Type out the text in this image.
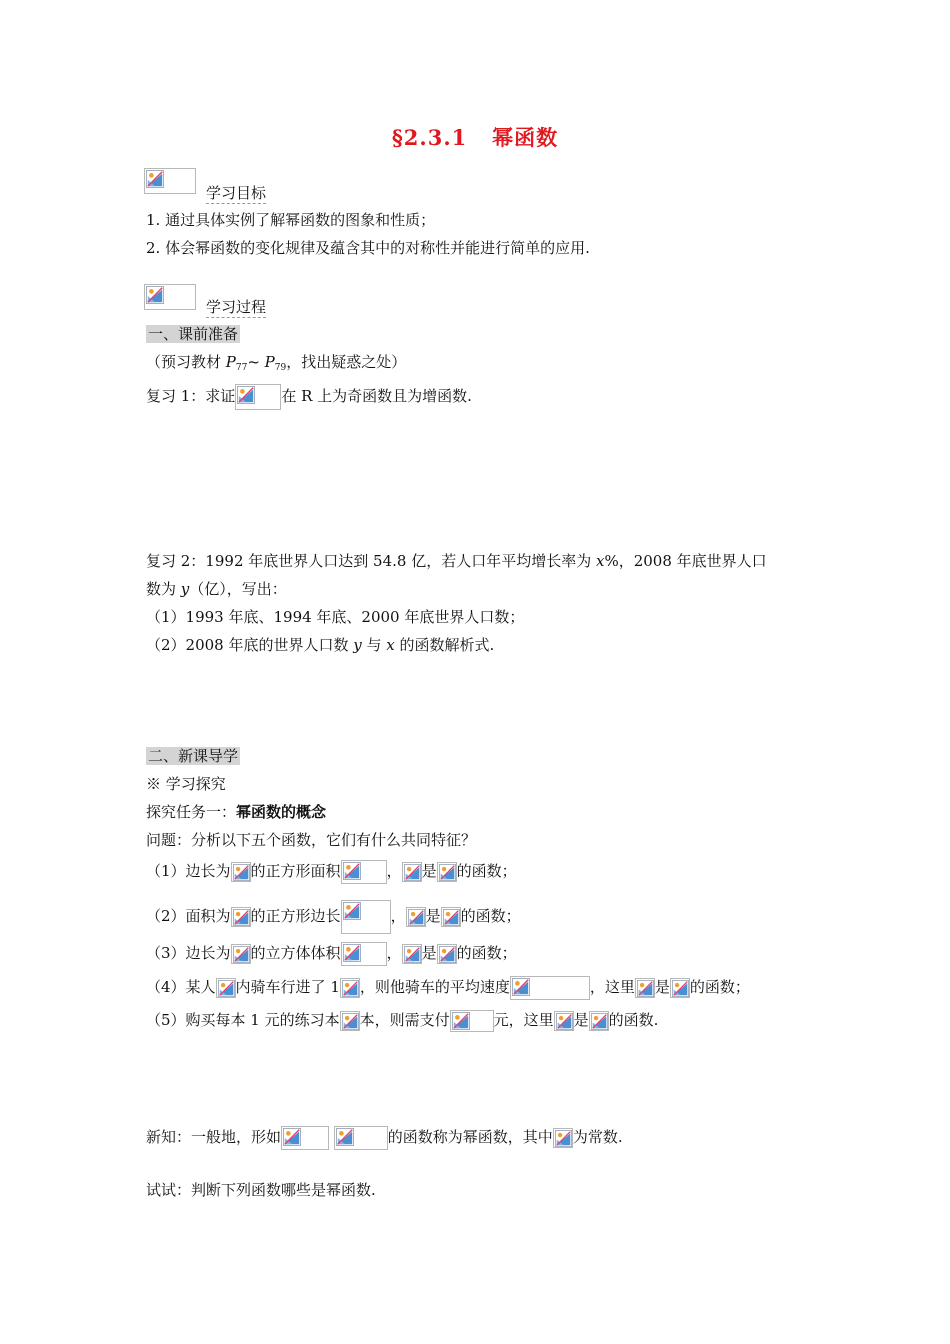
§2.3.1   幂函数
学习目标
1. 通过具体实例了解幂函数的图象和性质；
2. 体会幂函数的变化规律及蕴含其中的对称性并能进行简单的应用.
学习过程
一、课前准备
（预习教材 $P_{77}\sim$ $P_{79}$，找出疑惑之处）
复习 1：求证	在 R 上为奇函数且为增函数.
复习 2：1992 年底世界人口达到 54.8 亿，若人口年平均增长率为 x%，2008 年底世界人口
数为 y（亿），写出：
（1）1993 年底、1994 年底、2000 年底世界人口数；
（2）2008 年底的世界人口数 y 与 x 的函数解析式.
二、新课导学
※ 学习探究
探究任务一：幂函数的概念
问题：分析以下五个函数，它们有什么共同特征？
（1）边长为 的正方形面积	， 是 的函数；
（2）面积为 的正方形边长	， 是 的函数；
（3）边长为 的立方体体积	， 是 的函数；
（4）某人 内骑车行进了 1 ，则他骑车的平均速度	，这里 是 的函数；
（5）购买每本 1 元的练习本 本，则需支付	元，这里 是 的函数.
新知：一般地，形如
	的函数称为幂函数，其中 为常数.
试试：判断下列函数哪些是幂函数.
